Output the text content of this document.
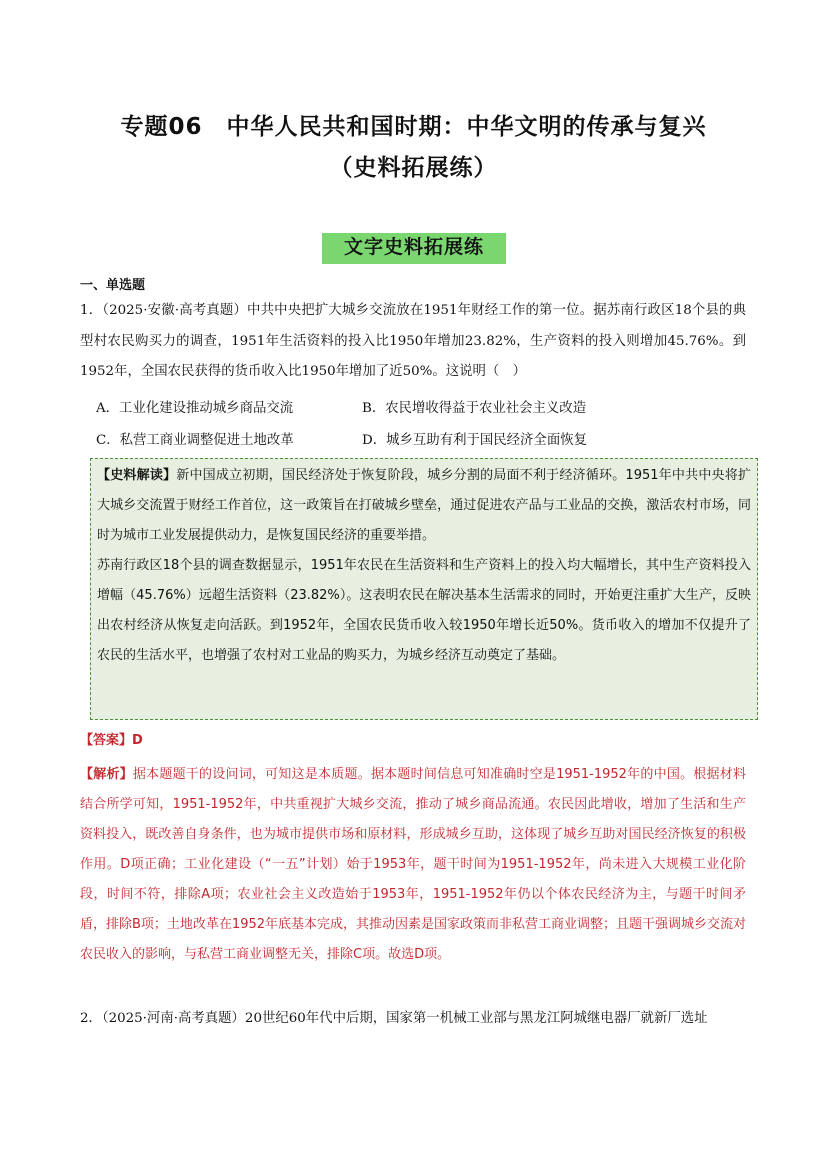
专题06　中华人民共和国时期：中华文明的传承与复兴
（史料拓展练）
文字史料拓展练
一、单选题
1．（2025·安徽·高考真题）中共中央把扩大城乡交流放在1951年财经工作的第一位。据苏南行政区18个县的典型村农民购买力的调查，1951年生活资料的投入比1950年增加23.82%，生产资料的投入则增加45.76%。到1952年，全国农民获得的货币收入比1950年增加了近50%。这说明（　）
A．工业化建设推动城乡商品交流	B．农民增收得益于农业社会主义改造
C．私营工商业调整促进土地改革	D．城乡互助有利于国民经济全面恢复

【史料解读】新中国成立初期，国民经济处于恢复阶段，城乡分割的局面不利于经济循环。1951年中共中央将扩大城乡交流置于财经工作首位，这一政策旨在打破城乡壁垒，通过促进农产品与工业品的交换，激活农村市场，同时为城市工业发展提供动力，是恢复国民经济的重要举措。

苏南行政区18个县的调查数据显示，1951年农民在生活资料和生产资料上的投入均大幅增长，其中生产资料投入增幅（45.76%）远超生活资料（23.82%）。这表明农民在解决基本生活需求的同时，开始更注重扩大生产，反映出农村经济从恢复走向活跃。到1952年，全国农民货币收入较1950年增长近50%。货币收入的增加不仅提升了农民的生活水平，也增强了农村对工业品的购买力，为城乡经济互动奠定了基础。

【答案】D
【解析】据本题题干的设问词，可知这是本质题。据本题时间信息可知准确时空是1951-1952年的中国。根据材料结合所学可知，1951-1952年，中共重视扩大城乡交流，推动了城乡商品流通。农民因此增收，增加了生活和生产资料投入，既改善自身条件，也为城市提供市场和原材料，形成城乡互助，这体现了城乡互助对国民经济恢复的积极作用。D项正确；工业化建设（“一五”计划）始于1953年，题干时间为1951-1952年，尚未进入大规模工业化阶段，时间不符，排除A项；农业社会主义改造始于1953年，1951-1952年仍以个体农民经济为主，与题干时间矛盾，排除B项；土地改革在1952年底基本完成，其推动因素是国家政策而非私营工商业调整；且题干强调城乡交流对农民收入的影响，与私营工商业调整无关，排除C项。故选D项。
2．（2025·河南·高考真题）20世纪60年代中后期，国家第一机械工业部与黑龙江阿城继电器厂就新厂选址
